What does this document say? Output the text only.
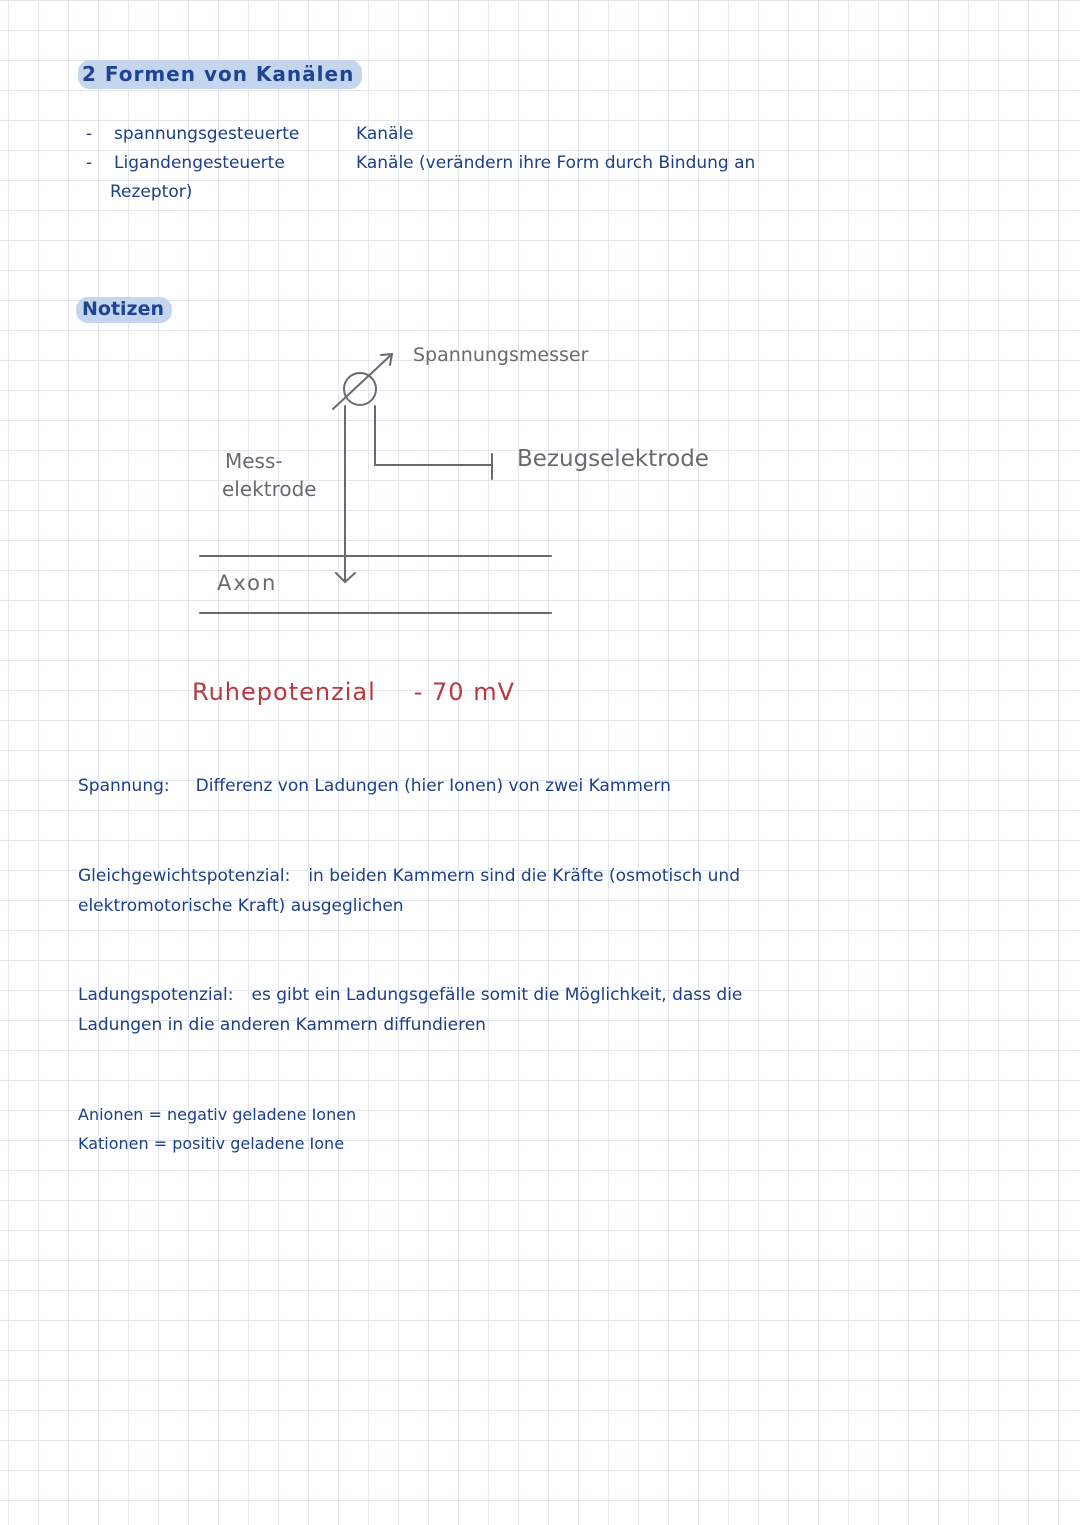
2 Formen von Kanälen
- spannungsgesteuerte	Kanäle
- Ligandengesteuerte	Kanäle (verändern ihre Form durch Bindung an
Rezeptor)
Notizen
Spannungsmesser
Bezugselektrode
Mess-
elektrode
Axon
Ruhepotenzial - 70 mV
Spannung: Differenz von Ladungen (hier Ionen) von zwei Kammern
Gleichgewichtspotenzial: in beiden Kammern sind die Kräfte (osmotisch und
elektromotorische Kraft) ausgeglichen
Ladungspotenzial: es gibt ein Ladungsgefälle somit die Möglichkeit, dass die
Ladungen in die anderen Kammern diffundieren
Anionen = negativ geladene Ionen
Kationen = positiv geladene Ione
